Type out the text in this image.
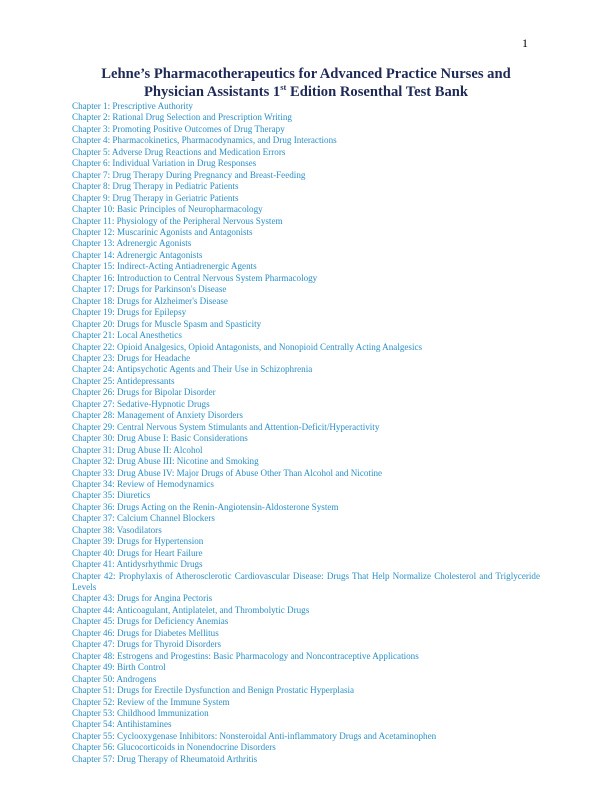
1
Lehne’s Pharmacotherapeutics for Advanced Practice Nurses and
Physician Assistants 1st Edition Rosenthal Test Bank
Chapter 1: Prescriptive Authority
Chapter 2: Rational Drug Selection and Prescription Writing
Chapter 3: Promoting Positive Outcomes of Drug Therapy
Chapter 4: Pharmacokinetics, Pharmacodynamics, and Drug Interactions
Chapter 5: Adverse Drug Reactions and Medication Errors
Chapter 6: Individual Variation in Drug Responses
Chapter 7: Drug Therapy During Pregnancy and Breast-Feeding
Chapter 8: Drug Therapy in Pediatric Patients
Chapter 9: Drug Therapy in Geriatric Patients
Chapter 10: Basic Principles of Neuropharmacology
Chapter 11: Physiology of the Peripheral Nervous System
Chapter 12: Muscarinic Agonists and Antagonists
Chapter 13: Adrenergic Agonists
Chapter 14: Adrenergic Antagonists
Chapter 15: Indirect-Acting Antiadrenergic Agents
Chapter 16: Introduction to Central Nervous System Pharmacology
Chapter 17: Drugs for Parkinson's Disease
Chapter 18: Drugs for Alzheimer's Disease
Chapter 19: Drugs for Epilepsy
Chapter 20: Drugs for Muscle Spasm and Spasticity
Chapter 21: Local Anesthetics
Chapter 22: Opioid Analgesics, Opioid Antagonists, and Nonopioid Centrally Acting Analgesics
Chapter 23: Drugs for Headache
Chapter 24: Antipsychotic Agents and Their Use in Schizophrenia
Chapter 25: Antidepressants
Chapter 26: Drugs for Bipolar Disorder
Chapter 27: Sedative-Hypnotic Drugs
Chapter 28: Management of Anxiety Disorders
Chapter 29: Central Nervous System Stimulants and Attention-Deficit/Hyperactivity
Chapter 30: Drug Abuse I: Basic Considerations
Chapter 31: Drug Abuse II: Alcohol
Chapter 32: Drug Abuse III: Nicotine and Smoking
Chapter 33: Drug Abuse IV: Major Drugs of Abuse Other Than Alcohol and Nicotine
Chapter 34: Review of Hemodynamics
Chapter 35: Diuretics
Chapter 36: Drugs Acting on the Renin-Angiotensin-Aldosterone System
Chapter 37: Calcium Channel Blockers
Chapter 38: Vasodilators
Chapter 39: Drugs for Hypertension
Chapter 40: Drugs for Heart Failure
Chapter 41: Antidysrhythmic Drugs
Chapter 42: Prophylaxis of Atherosclerotic Cardiovascular Disease: Drugs That Help Normalize Cholesterol and Triglyceride Levels
Chapter 43: Drugs for Angina Pectoris
Chapter 44: Anticoagulant, Antiplatelet, and Thrombolytic Drugs
Chapter 45: Drugs for Deficiency Anemias
Chapter 46: Drugs for Diabetes Mellitus
Chapter 47: Drugs for Thyroid Disorders
Chapter 48: Estrogens and Progestins: Basic Pharmacology and Noncontraceptive Applications
Chapter 49: Birth Control
Chapter 50: Androgens
Chapter 51: Drugs for Erectile Dysfunction and Benign Prostatic Hyperplasia
Chapter 52: Review of the Immune System
Chapter 53: Childhood Immunization
Chapter 54: Antihistamines
Chapter 55: Cyclooxygenase Inhibitors: Nonsteroidal Anti-inflammatory Drugs and Acetaminophen
Chapter 56: Glucocorticoids in Nonendocrine Disorders
Chapter 57: Drug Therapy of Rheumatoid Arthritis
